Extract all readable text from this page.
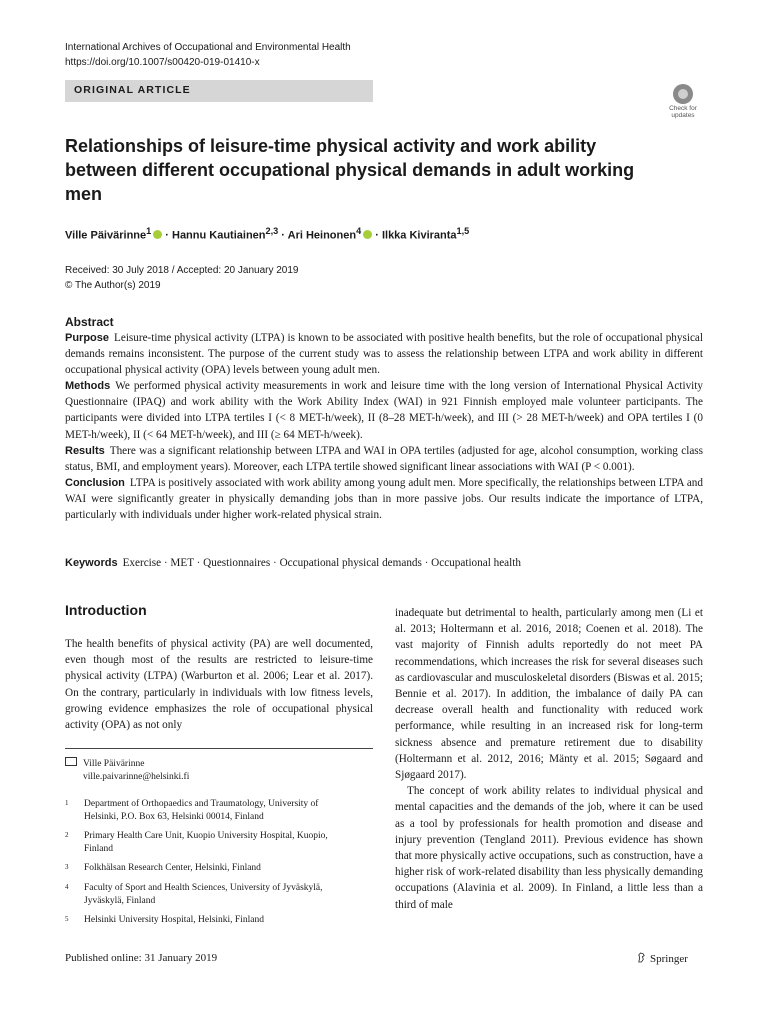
International Archives of Occupational and Environmental Health
https://doi.org/10.1007/s00420-019-01410-x
ORIGINAL ARTICLE
Check for
updates
Relationships of leisure-time physical activity and work ability between different occupational physical demands in adult working men
Ville Päivärinne$^1$ · Hannu Kautiainen$^{2,3}$ · Ari Heinonen$^4$ · Ilkka Kiviranta$^{1,5}$
Received: 30 July 2018 / Accepted: 20 January 2019
© The Author(s) 2019
Abstract

Purpose Leisure-time physical activity (LTPA) is known to be associated with positive health benefits, but the role of occupational physical demands remains inconsistent. The purpose of the current study was to assess the relationship between LTPA and work ability in different occupational physical activity (OPA) levels between young adult men.

Methods We performed physical activity measurements in work and leisure time with the long version of International Physical Activity Questionnaire (IPAQ) and work ability with the Work Ability Index (WAI) in 921 Finnish employed male volunteer participants. The participants were divided into LTPA tertiles I (< 8 MET-h/week), II (8–28 MET-h/week), and III (> 28 MET-h/week) and OPA tertiles I (0 MET-h/week), II (< 64 MET-h/week), and III (≥ 64 MET-h/week).

Results There was a significant relationship between LTPA and WAI in OPA tertiles (adjusted for age, alcohol consumption, working class status, BMI, and employment years). Moreover, each LTPA tertile showed significant linear associations with WAI (P < 0.001).

Conclusion LTPA is positively associated with work ability among young adult men. More specifically, the relationships between LTPA and WAI were significantly greater in physically demanding jobs than in more passive jobs. Our results indicate the importance of LTPA, particularly with individuals under higher work-related physical strain.

Keywords Exercise · MET · Questionnaires · Occupational physical demands · Occupational health
Introduction
The health benefits of physical activity (PA) are well documented, even though most of the results are restricted to leisure-time physical activity (LTPA) (Warburton et al. 2006; Lear et al. 2017). On the contrary, particularly in individuals with low fitness levels, growing evidence emphasizes the role of occupational physical activity (OPA) as not only
Ville Päivärinne
ville.paivarinne@helsinki.fi
1 Department of Orthopaedics and Traumatology, University of Helsinki, P.O. Box 63, Helsinki 00014, Finland
2 Primary Health Care Unit, Kuopio University Hospital, Kuopio, Finland
3 Folkhälsan Research Center, Helsinki, Finland
4 Faculty of Sport and Health Sciences, University of Jyväskylä, Jyväskylä, Finland
5 Helsinki University Hospital, Helsinki, Finland

inadequate but detrimental to health, particularly among men (Li et al. 2013; Holtermann et al. 2016, 2018; Coenen et al. 2018). The vast majority of Finnish adults reportedly do not meet PA recommendations, which increases the risk for several diseases such as cardiovascular and musculoskeletal disorders (Biswas et al. 2015; Bennie et al. 2017). In addition, the imbalance of daily PA can decrease overall health and functionality with reduced work performance, while resulting in an increased risk for long-term sickness absence and premature retirement due to disability (Holtermann et al. 2012, 2016; Mänty et al. 2015; Søgaard and Sjøgaard 2017).

The concept of work ability relates to individual physical and mental capacities and the demands of the job, where it can be used as a tool by professionals for health promotion and disease and injury prevention (Tengland 2011). Previous evidence has shown that more physically active occupations, such as construction, have a higher risk of work-related disability than less physically demanding occupations (Alavinia et al. 2009). In Finland, a little less than a third of male

Published online: 31 January 2019	Springer
